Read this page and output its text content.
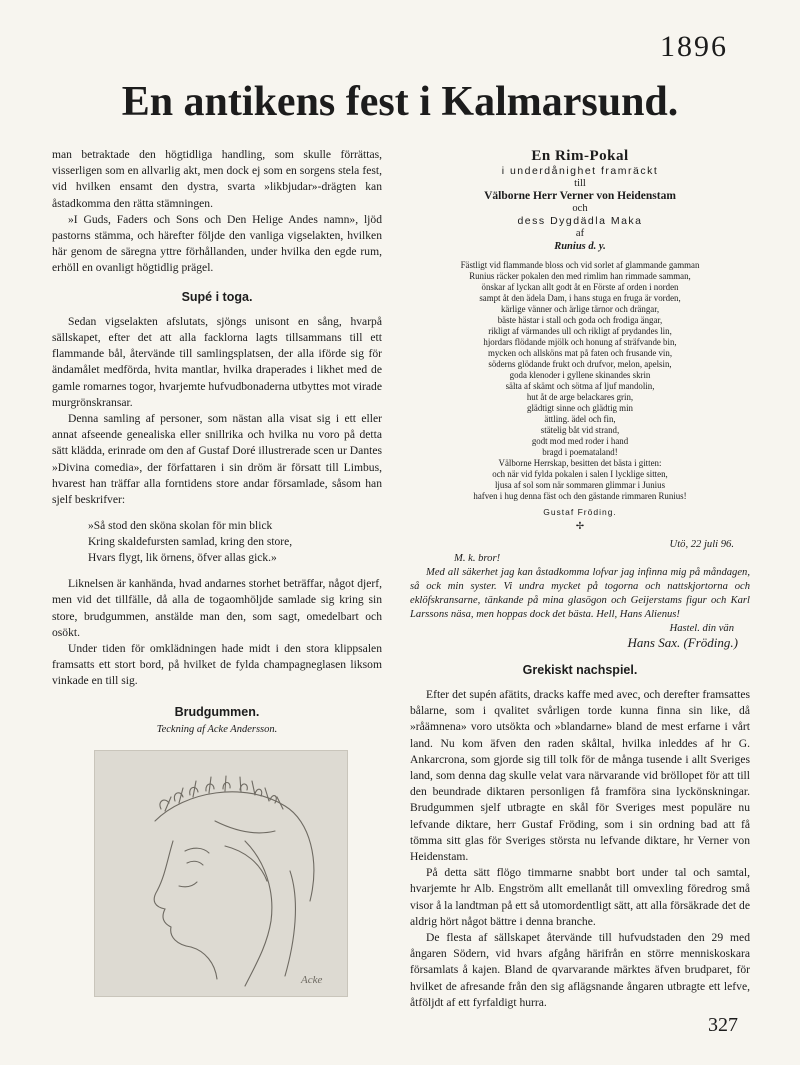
1896
En antikens fest i Kalmarsund.

man betraktade den högtidliga handling, som skulle förrättas, visserligen som en allvarlig akt, men dock ej som en sorgens stela fest, vid hvilken ensamt den dystra, svarta »likbjudar»-drägten kan åstadkomma den rätta stämningen.

»I Guds, Faders och Sons och Den Helige Andes namn», ljöd pastorns stämma, och härefter följde den vanliga vigselakten, hvilken här genom de säregna yttre förhållanden, under hvilka den egde rum, erhöll en ovanligt högtidlig prägel.

Supé i toga.

Sedan vigselakten afslutats, sjöngs unisont en sång, hvarpå sällskapet, efter det att alla facklorna lagts tillsammans till ett flammande bål, återvände till samlingsplatsen, der alla iförde sig för ändamålet medförda, hvita mantlar, hvilka draperades i likhet med de gamle romarnes togor, hvarjemte hufvudbonaderna utbyttes mot virade murgrönskransar.

Denna samling af personer, som nästan alla visat sig i ett eller annat afseende genealiska eller snillrika och hvilka nu voro på detta sätt klädda, erinrade om den af Gustaf Doré illustrerade scen ur Dantes »Divina comedia», der författaren i sin dröm är försatt till Limbus, hvarest han träffar alla forntidens store andar församlade, såsom han sjelf beskrifver:

»Så stod den sköna skolan för min blick
Kring skaldefursten samlad, kring den store,
Hvars flygt, lik örnens, öfver allas gick.»

Liknelsen är kanhända, hvad andarnes storhet beträffar, något djerf, men vid det tillfälle, då alla de togaomhöljde samlade sig kring sin store, brudgummen, anstälde man den, som sagt, omedelbart och osökt.

Under tiden för omklädningen hade midt i den stora klippsalen framsatts ett stort bord, på hvilket de fylda champagneglasen liksom vinkade en till sig.

Brudgummen.
Teckning af Acke Andersson.
Acke
En Rim-Pokal
i underdånighet framräckt
till
Välborne Herr Verner von Heidenstam
och
dess Dygdädla Maka
af
Runius d. y.
Fästligt vid flammande bloss och vid sorlet af glammande gamman
Runius räcker pokalen den med rimlim han rimmade samman,
önskar af lyckan allt godt åt en Förste af orden i norden
sampt åt den ädela Dam, i hans stuga en fruga är vorden,
kärlige vänner och ärlige tärnor och drängar,
bäste hästar i stall och goda och frodiga ängar,
rikligt af värmandes ull och rikligt af prydandes lin,
hjordars flödande mjölk och honung af sträfvande bin,
mycken och allsköns mat på faten och frusande vin,
söderns glödande frukt och drufvor, melon, apelsin,
goda klenoder i gyllene skinandes skrin
sälta af skämt och sötma af ljuf mandolin,
hut åt de arge belackares grin,
glädtigt sinne och glädtig min
ättling. ädel och fin,
stätelig båt vid strand,
godt mod med roder i hand
bragd i poemataland!
Välborne Herrskap, besitten det bästa i gitten:
och när vid fylda pokalen i salen I lycklige sitten,
ljusa af sol som när sommaren glimmar i Junius
hafven i hug denna fäst och den gästande rimmaren Runius!
Gustaf Fröding.
✢
Utö, 22 juli 96.
M. k. bror!
Med all säkerhet jag kan åstadkomma lofvar jag infinna mig på måndagen, så ock min syster. Vi undra mycket på togorna och nattskjortorna och eklöfskransarne, tänkande på mina glasögon och Geijerstams figur och Karl Larssons näsa, men hoppas dock det bästa. Hell, Hans Alienus!
Hastel. din vän
Hans Sax. (Fröding.)
Grekiskt nachspiel.

Efter det supén afätits, dracks kaffe med avec, och derefter framsattes bålarne, som i qvalitet svårligen torde kunna finna sin like, då »råämnena» voro utsökta och »blandarne» bland de mest erfarne i vårt land. Nu kom äfven den raden skåltal, hvilka inleddes af hr G. Ankarcrona, som gjorde sig till tolk för de många tusende i allt Sveriges land, som denna dag skulle velat vara närvarande vid bröllopet för att till den beundrade diktaren personligen få framföra sina lyckönskningar. Brudgummen sjelf utbragte en skål för Sveriges mest populäre nu lefvande diktare, herr Gustaf Fröding, som i sin ordning bad att få tömma sitt glas för Sveriges största nu lefvande diktare, hr Verner von Heidenstam.

På detta sätt flögo timmarne snabbt bort under tal och samtal, hvarjemte hr Alb. Engström allt emellanåt till omvexling föredrog små visor å la landtman på ett så utomordentligt sätt, att alla försäkrade det de aldrig hört något bättre i denna branche.

De flesta af sällskapet återvände till hufvudstaden den 29 med ångaren Södern, vid hvars afgång härifrån en större menniskoskara församlats å kajen. Bland de qvarvarande märktes äfven brudparet, för hvilket de afresande från den sig aflägsnande ångaren utbragte ett lefve, åtföljdt af ett fyrfaldigt hurra.

327
